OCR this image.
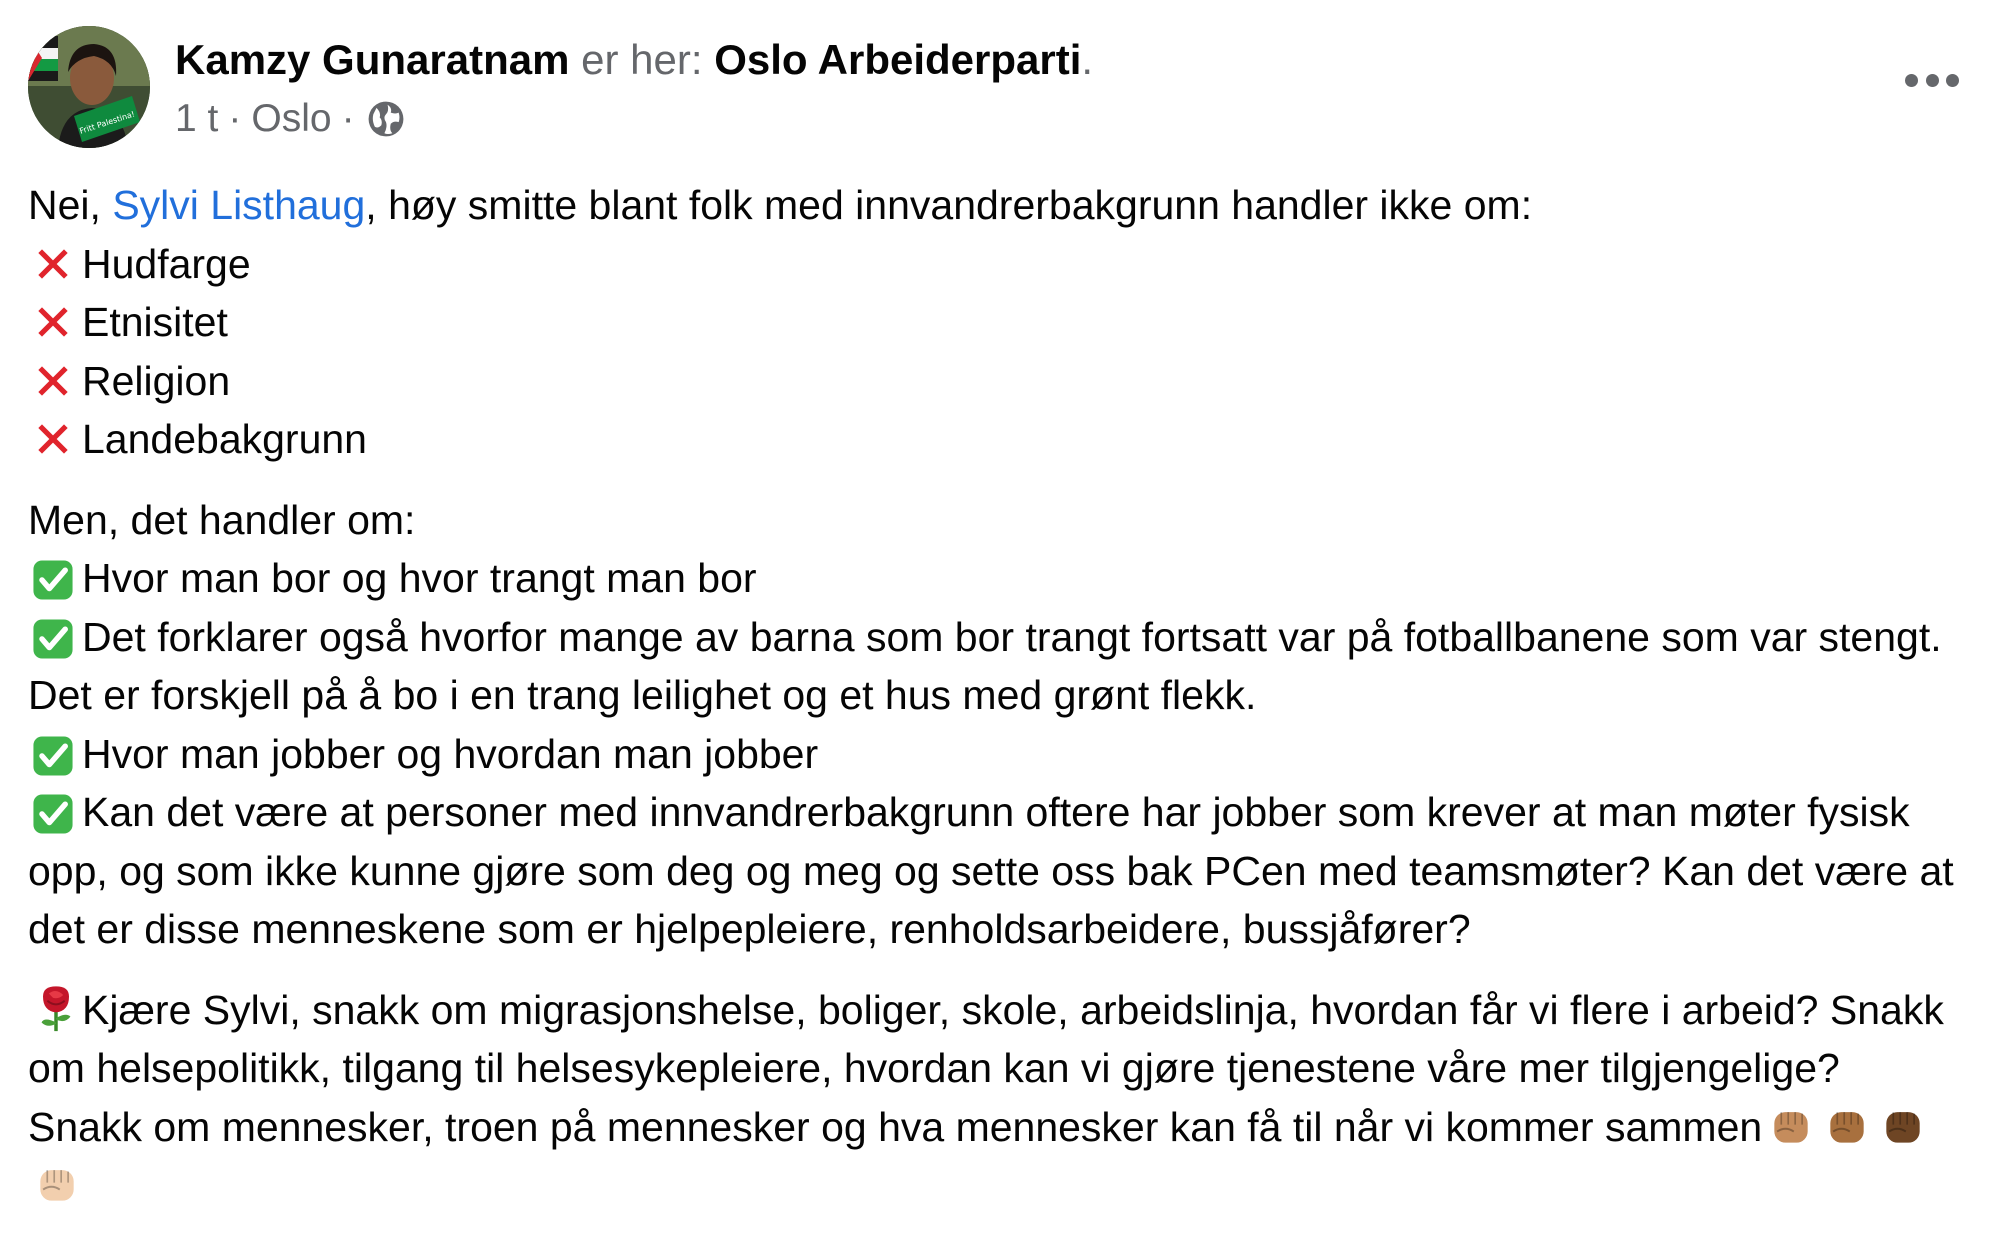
Fritt Palestina!
Kamzy Gunaratnam er her: Oslo Arbeiderparti.
1 t · Oslo ·
Nei, Sylvi Listhaug , høy smitte blant folk med innvandrerbakgrunn handler ikke om:
Hudfarge
Etnisitet
Religion
Landebakgrunn
Men, det handler om:
Hvor man bor og hvor trangt man bor
Det forklarer også hvorfor mange av barna som bor trangt fortsatt var på fotballbanene som var stengt. Det er forskjell på å bo i en trang leilighet og et hus med grønt flekk.
Hvor man jobber og hvordan man jobber
Kan det være at personer med innvandrerbakgrunn oftere har jobber som krever at man møter fysisk opp, og som ikke kunne gjøre som deg og meg og sette oss bak PCen med teamsmøter? Kan det være at det er disse menneskene som er hjelpepleiere, renholdsarbeidere, bussjåfører?
Kjære Sylvi, snakk om migrasjonshelse, boliger, skole, arbeidslinja, hvordan får vi flere i arbeid? Snakk om helsepolitikk, tilgang til helsesykepleiere, hvordan kan vi gjøre tjenestene våre mer tilgjengelige? Snakk om mennesker, troen på mennesker og hva mennesker kan få til når vi kommer sammen
